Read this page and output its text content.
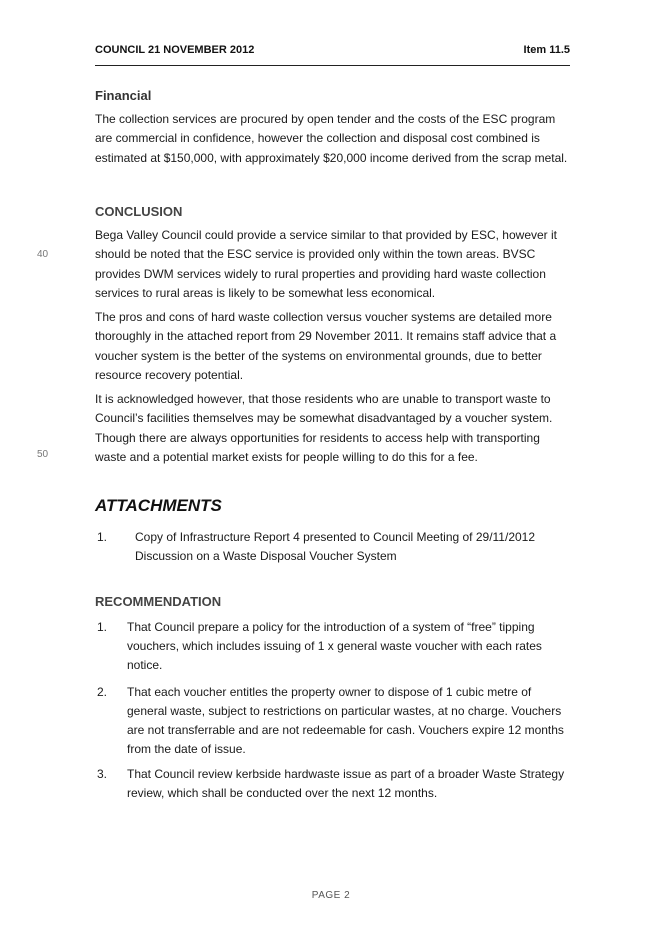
COUNCIL 21 NOVEMBER 2012	Item 11.5
Financial

The collection services are procured by open tender and the costs of the ESC program are commercial in confidence, however the collection and disposal cost combined is estimated at $150,000, with approximately $20,000 income derived from the scrap metal.

CONCLUSION

Bega Valley Council could provide a service similar to that provided by ESC, however it should be noted that the ESC service is provided only within the town areas. BVSC provides DWM services widely to rural properties and providing hard waste collection services to rural areas is likely to be somewhat less economical.

The pros and cons of hard waste collection versus voucher systems are detailed more thoroughly in the attached report from 29 November 2011. It remains staff advice that a voucher system is the better of the systems on environmental grounds, due to better resource recovery potential.

It is acknowledged however, that those residents who are unable to transport waste to Council’s facilities themselves may be somewhat disadvantaged by a voucher system. Though there are always opportunities for residents to access help with transporting waste and a potential market exists for people willing to do this for a fee.

40
50
ATTACHMENTS
1. Copy of Infrastructure Report 4 presented to Council Meeting of 29/11/2012 Discussion on a Waste Disposal Voucher System
RECOMMENDATION
1. That Council prepare a policy for the introduction of a system of “free” tipping vouchers, which includes issuing of 1 x general waste voucher with each rates notice.
2. That each voucher entitles the property owner to dispose of 1 cubic metre of general waste, subject to restrictions on particular wastes, at no charge. Vouchers are not transferrable and are not redeemable for cash. Vouchers expire 12 months from the date of issue.
3. That Council review kerbside hardwaste issue as part of a broader Waste Strategy review, which shall be conducted over the next 12 months.
PAGE 2
